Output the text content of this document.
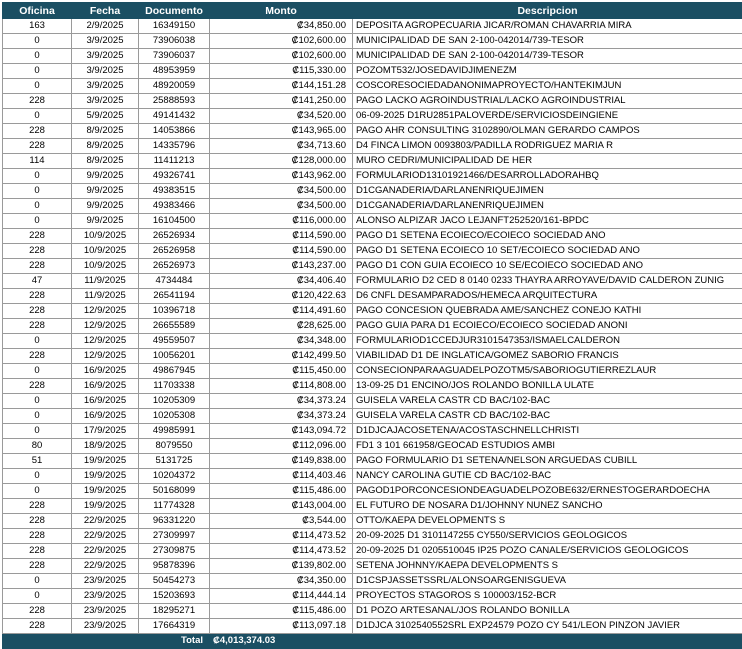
Oficina	Fecha	Documento	Monto	Descripcion
163	2/9/2025	16349150	₡34,850.00	DEPOSITA AGROPECUARIA JICAR/ROMAN CHAVARRIA MIRA
0	3/9/2025	73906038	₡102,600.00	MUNICIPALIDAD DE SAN 2-100-042014/739-TESOR
0	3/9/2025	73906037	₡102,600.00	MUNICIPALIDAD DE SAN 2-100-042014/739-TESOR
0	3/9/2025	48953959	₡115,330.00	POZOMT532/JOSEDAVIDJIMENEZM
0	3/9/2025	48920059	₡144,151.28	COSCORESOCIEDADANONIMAPROYECTO/HANTEKIMJUN
228	3/9/2025	25888593	₡141,250.00	PAGO LACKO AGROINDUSTRIAL/LACKO AGROINDUSTRIAL
0	5/9/2025	49141432	₡34,520.00	06-09-2025 D1RU2851PALOVERDE/SERVICIOSDEINGIENE
228	8/9/2025	14053866	₡143,965.00	PAGO AHR CONSULTING 3102890/OLMAN GERARDO CAMPOS
228	8/9/2025	14335796	₡34,713.60	D4 FINCA LIMON 0093803/PADILLA RODRIGUEZ MARIA R
114	8/9/2025	11411213	₡128,000.00	MURO CEDRI/MUNICIPALIDAD DE HER
0	9/9/2025	49326741	₡143,962.00	FORMULARIOD13101921466/DESARROLLADORAHBQ
0	9/9/2025	49383515	₡34,500.00	D1CGANADERIA/DARLANENRIQUEJIMEN
0	9/9/2025	49383466	₡34,500.00	D1CGANADERIA/DARLANENRIQUEJIMEN
0	9/9/2025	16104500	₡116,000.00	ALONSO ALPIZAR JACO LEJANFT252520/161-BPDC
228	10/9/2025	26526934	₡114,590.00	PAGO D1 SETENA ECOIECO/ECOIECO SOCIEDAD ANO
228	10/9/2025	26526958	₡114,590.00	PAGO D1 SETENA ECOIECO 10 SET/ECOIECO SOCIEDAD ANO
228	10/9/2025	26526973	₡143,237.00	PAGO D1 CON GUIA ECOIECO 10 SE/ECOIECO SOCIEDAD ANO
47	11/9/2025	4734484	₡34,406.40	FORMULARIO D2 CED 8 0140 0233 THAYRA ARROYAVE/DAVID CALDERON ZUNIG
228	11/9/2025	26541194	₡120,422.63	D6 CNFL DESAMPARADOS/HEMECA ARQUITECTURA
228	12/9/2025	10396718	₡114,491.60	PAGO CONCESION QUEBRADA AME/SANCHEZ CONEJO KATHI
228	12/9/2025	26655589	₡28,625.00	PAGO GUIA PARA D1 ECOIECO/ECOIECO SOCIEDAD ANONI
0	12/9/2025	49559507	₡34,348.00	FORMULARIOD1CCEDJUR3101547353/ISMAELCALDERON
228	12/9/2025	10056201	₡142,499.50	VIABILIDAD D1 DE INGLATICA/GOMEZ SABORIO FRANCIS
0	16/9/2025	49867945	₡115,450.00	CONSECIONPARAAGUADELPOZOTM5/SABORIOGUTIERREZLAUR
228	16/9/2025	11703338	₡114,808.00	13-09-25 D1 ENCINO/JOS ROLANDO BONILLA ULATE
0	16/9/2025	10205309	₡34,373.24	GUISELA VARELA CASTR CD BAC/102-BAC
0	16/9/2025	10205308	₡34,373.24	GUISELA VARELA CASTR CD BAC/102-BAC
0	17/9/2025	49985991	₡143,094.72	D1DJCAJACOSETENA/ACOSTASCHNELLCHRISTI
80	18/9/2025	8079550	₡112,096.00	FD1 3 101 661958/GEOCAD ESTUDIOS AMBI
51	19/9/2025	5131725	₡149,838.00	PAGO FORMULARIO D1 SETENA/NELSON ARGUEDAS CUBILL
0	19/9/2025	10204372	₡114,403.46	NANCY CAROLINA GUTIE CD BAC/102-BAC
0	19/9/2025	50168099	₡115,486.00	PAGOD1PORCONCESIONDEAGUADELPOZOBE632/ERNESTOGERARDOECHA
228	19/9/2025	11774328	₡143,004.00	EL FUTURO DE NOSARA D1/JOHNNY NUNEZ SANCHO
228	22/9/2025	96331220	₡3,544.00	OTTO/KAEPA DEVELOPMENTS S
228	22/9/2025	27309997	₡114,473.52	20-09-2025 D1 3101147255 CY550/SERVICIOS GEOLOGICOS
228	22/9/2025	27309875	₡114,473.52	20-09-2025 D1 0205510045 IP25 POZO CANALE/SERVICIOS GEOLOGICOS
228	22/9/2025	95878396	₡139,802.00	SETENA JOHNNY/KAEPA DEVELOPMENTS S
0	23/9/2025	50454273	₡34,350.00	D1CSPJASSETSSRL/ALONSOARGENISGUEVA
0	23/9/2025	15203693	₡114,444.14	PROYECTOS STAGOROS S 100003/152-BCR
228	23/9/2025	18295271	₡115,486.00	D1 POZO ARTESANAL/JOS ROLANDO BONILLA
228	23/9/2025	17664319	₡113,097.18	D1DJCA 3102540552SRL EXP24579 POZO CY 541/LEON PINZON JAVIER
		Total	₡4,013,374.03	
